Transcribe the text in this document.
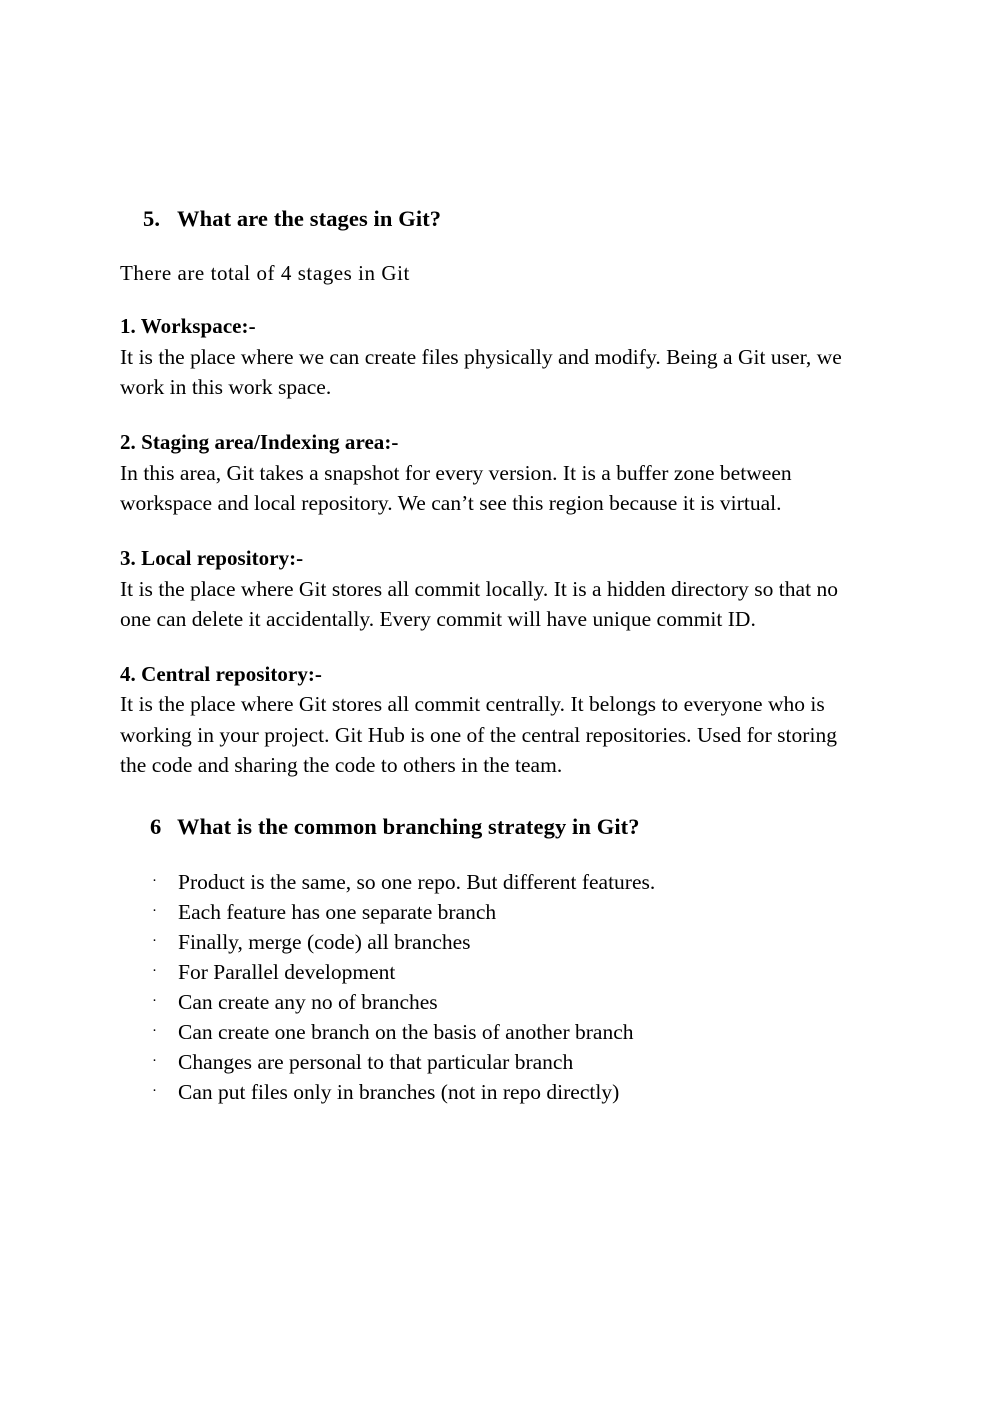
5. What are the stages in Git?

There are total of 4 stages in Git

1. Workspace:-

It is the place where we can create files physically and modify. Being a Git user, we work in this work space.

2. Staging area/Indexing area:-

In this area, Git takes a snapshot for every version. It is a buffer zone between workspace and local repository. We can’t see this region because it is virtual.

3. Local repository:-

It is the place where Git stores all commit locally. It is a hidden directory so that no one can delete it accidentally. Every commit will have unique commit ID.

4. Central repository:-

It is the place where Git stores all commit centrally. It belongs to everyone who is working in your project. Git Hub is one of the central repositories. Used for storing the code and sharing the code to others in the team.

6 What is the common branching strategy in Git?
· Product is the same, so one repo. But different features.
· Each feature has one separate branch
· Finally, merge (code) all branches
· For Parallel development
· Can create any no of branches
· Can create one branch on the basis of another branch
· Changes are personal to that particular branch
· Can put files only in branches (not in repo directly)
